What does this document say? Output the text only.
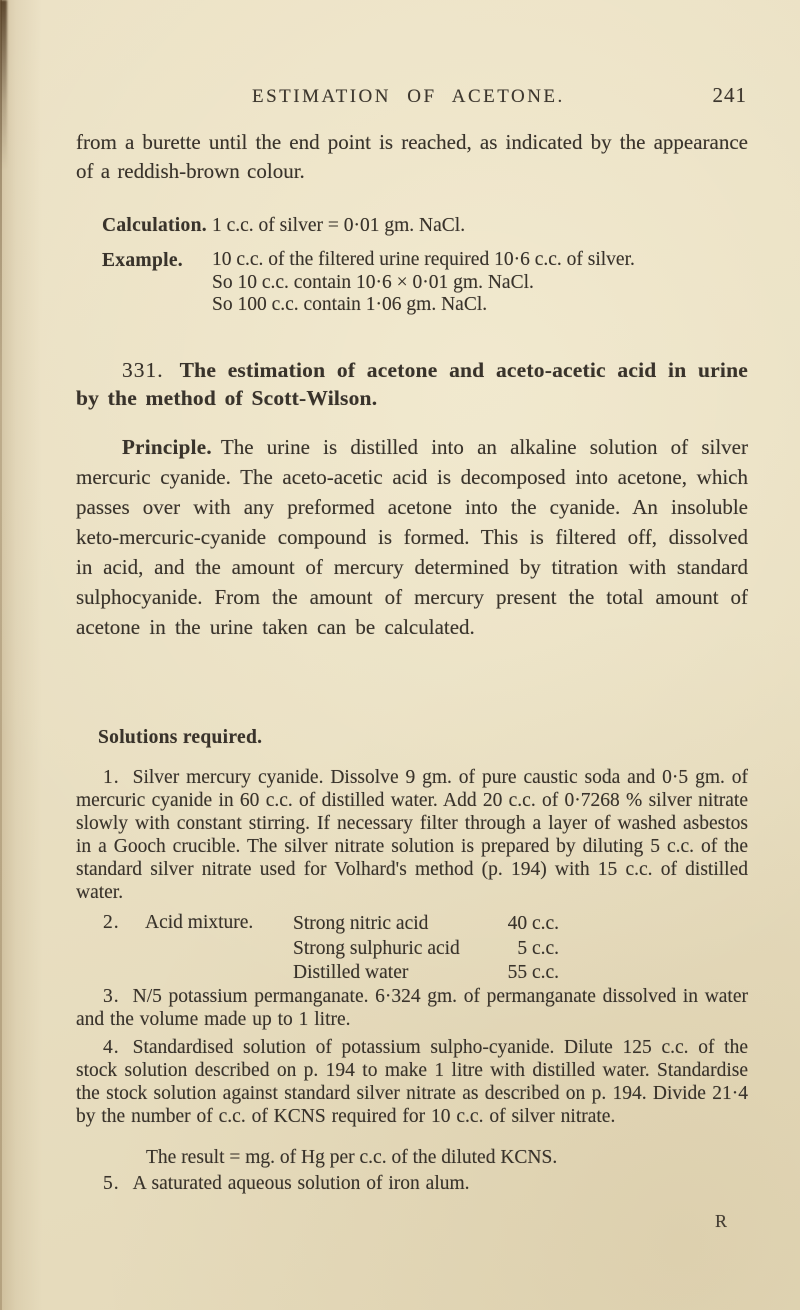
ESTIMATION OF ACETONE.	241

from a burette until the end point is reached, as indicated by the appearance of a reddish-brown colour.

Calculation. 1 c.c. of silver = 0·01 gm. NaCl.
Example.	10 c.c. of the filtered urine required 10·6 c.c. of silver.
So 10 c.c. contain 10·6 × 0·01 gm. NaCl.
So 100 c.c. contain 1·06 gm. NaCl.

331. The estimation of acetone and aceto-acetic acid in urine by the method of Scott-Wilson.

Principle. The urine is distilled into an alkaline solution of silver mercuric cyanide. The aceto-acetic acid is decomposed into acetone, which passes over with any preformed acetone into the cyanide. An insoluble keto-mercuric-cyanide compound is formed. This is filtered off, dissolved in acid, and the amount of mercury determined by titration with standard sulphocyanide. From the amount of mercury present the total amount of acetone in the urine taken can be calculated.

Solutions required.

1. Silver mercury cyanide. Dissolve 9 gm. of pure caustic soda and 0·5 gm. of mercuric cyanide in 60 c.c. of distilled water. Add 20 c.c. of 0·7268 % silver nitrate slowly with constant stirring. If necessary filter through a layer of washed asbestos in a Gooch crucible. The silver nitrate solution is prepared by diluting 5 c.c. of the standard silver nitrate used for Volhard's method (p. 194) with 15 c.c. of distilled water.

2. Acid mixture. Strong nitric acid	40 c.c.
Strong sulphuric acid	5 c.c.
Distilled water	55 c.c.

3. N/5 potassium permanganate. 6·324 gm. of permanganate dissolved in water and the volume made up to 1 litre.

4. Standardised solution of potassium sulpho-cyanide. Dilute 125 c.c. of the stock solution described on p. 194 to make 1 litre with distilled water. Standardise the stock solution against standard silver nitrate as described on p. 194. Divide 21·4 by the number of c.c. of KCNS required for 10 c.c. of silver nitrate.

The result = mg. of Hg per c.c. of the diluted KCNS.

5. A saturated aqueous solution of iron alum.

R
